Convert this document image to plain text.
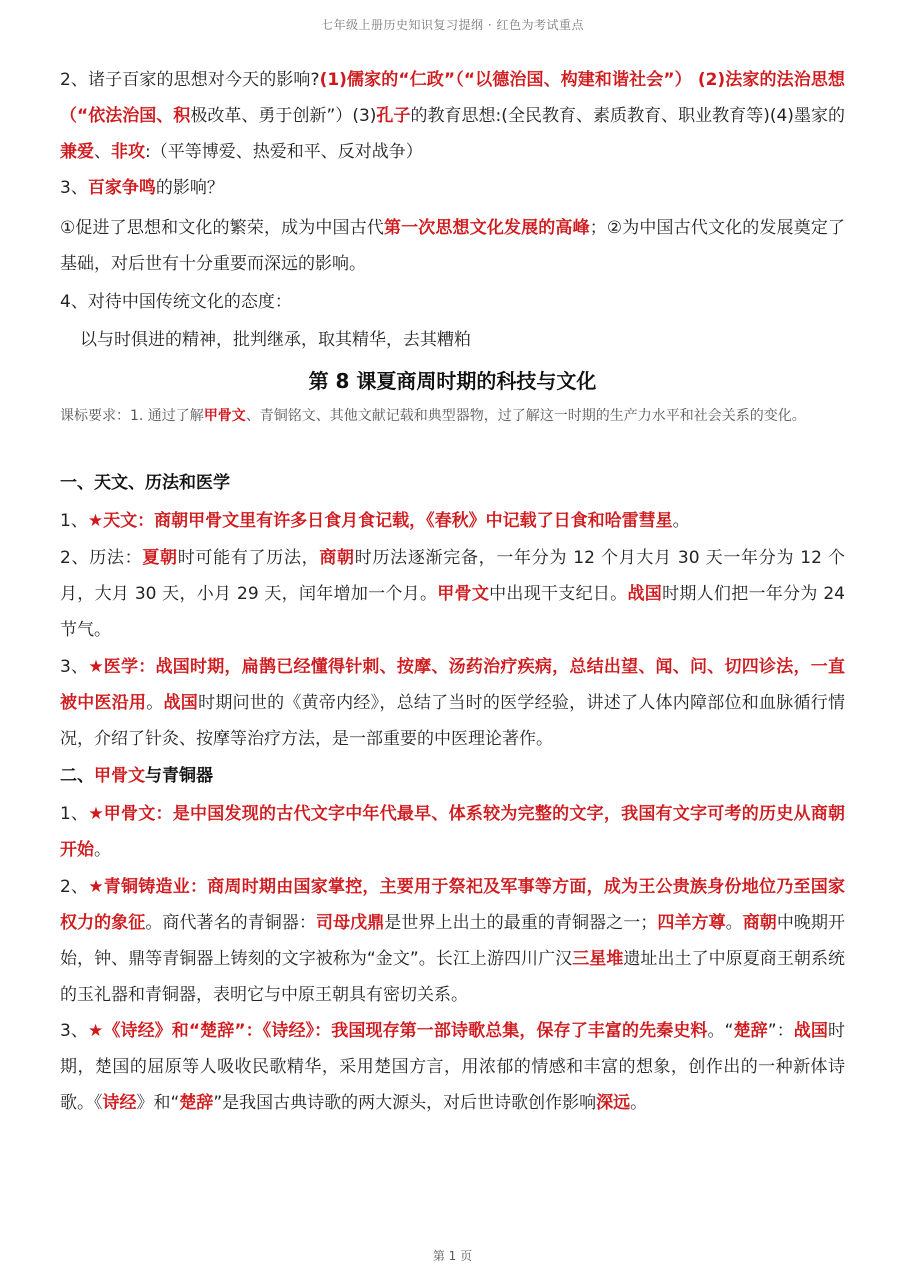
七年级上册历史知识复习提纲 · 红色为考试重点

2、诸子百家的思想对今天的影响?(1)儒家的“仁政”（“以德治国、构建和谐社会”） (2)法家的法治思想（“依法治国、积极改革、勇于创新”）(3)孔子的教育思想:(全民教育、素质教育、职业教育等)(4)墨家的兼爱、非攻:（平等博爱、热爱和平、反对战争）

3、百家争鸣的影响？

①促进了思想和文化的繁荣，成为中国古代第一次思想文化发展的高峰；②为中国古代文化的发展奠定了基础，对后世有十分重要而深远的影响。

4、对待中国传统文化的态度：

以与时俱进的精神，批判继承，取其精华，去其糟粕

第 8 课夏商周时期的科技与文化

课标要求：1. 通过了解甲骨文、青铜铭文、其他文献记载和典型器物，过了解这一时期的生产力水平和社会关系的变化。

一、天文、历法和医学

1、★天文：商朝甲骨文里有许多日食月食记载，《春秋》中记载了日食和哈雷彗星。

2、历法：夏朝时可能有了历法，商朝时历法逐渐完备，一年分为 12 个月大月 30 天一年分为 12 个月，大月 30 天，小月 29 天，闰年增加一个月。甲骨文中出现干支纪日。战国时期人们把一年分为 24 节气。

3、★医学：战国时期，扁鹊已经懂得针刺、按摩、汤药治疗疾病，总结出望、闻、问、切四诊法，一直被中医沿用。战国时期问世的《黄帝内经》，总结了当时的医学经验，讲述了人体内障部位和血脉循行情况，介绍了针灸、按摩等治疗方法，是一部重要的中医理论著作。

二、甲骨文与青铜器

1、★甲骨文：是中国发现的古代文字中年代最早、体系较为完整的文字，我国有文字可考的历史从商朝开始。

2、★青铜铸造业：商周时期由国家掌控，主要用于祭祀及军事等方面，成为王公贵族身份地位乃至国家权力的象征。商代著名的青铜器：司母戊鼎是世界上出土的最重的青铜器之一；四羊方尊。商朝中晚期开始，钟、鼎等青铜器上铸刻的文字被称为“金文”。长江上游四川广汉三星堆遗址出土了中原夏商王朝系统的玉礼器和青铜器，表明它与中原王朝具有密切关系。

3、★《诗经》和“楚辞”：《诗经》：我国现存第一部诗歌总集，保存了丰富的先秦史料。“楚辞”：战国时期，楚国的屈原等人吸收民歌精华，采用楚国方言，用浓郁的情感和丰富的想象，创作出的一种新体诗歌。《诗经》和“楚辞”是我国古典诗歌的两大源头，对后世诗歌创作影响深远。

第 1 页
